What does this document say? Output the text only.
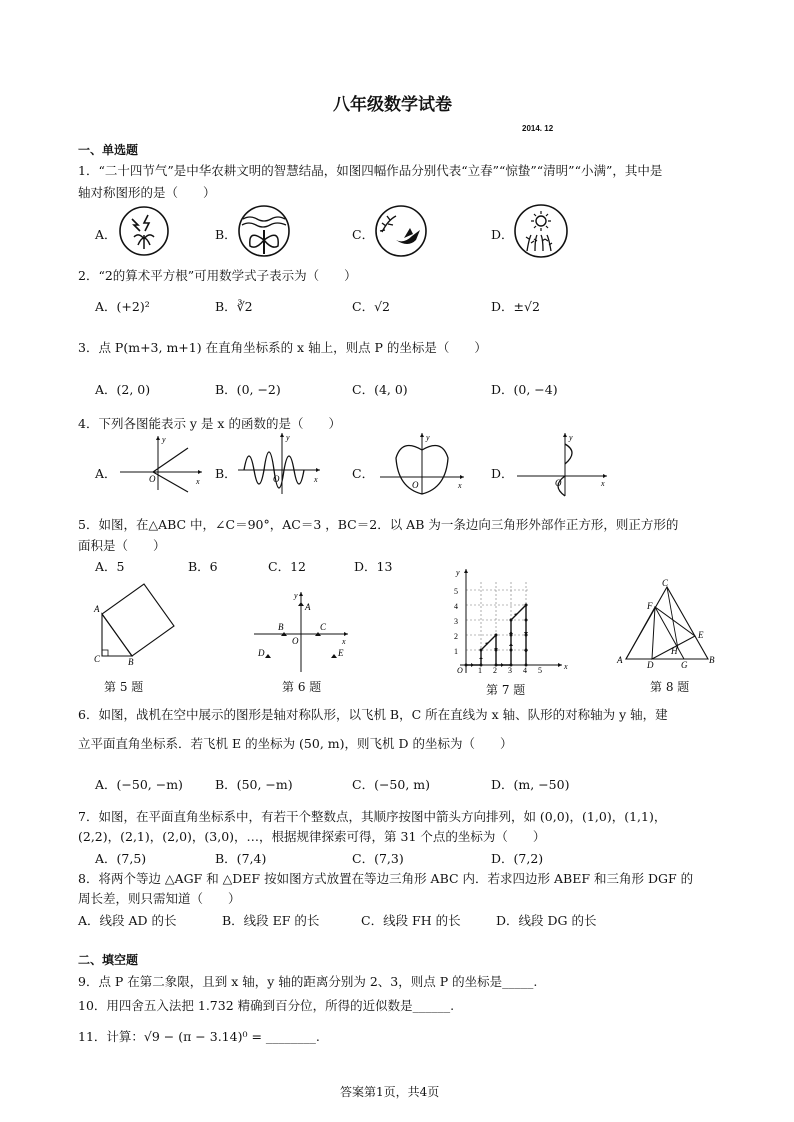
八年级数学试卷
2014. 12
一、单选题
1．“二十四节气”是中华农耕文明的智慧结晶，如图四幅作品分别代表“立春”“惊蛰”“清明”“小满”，其中是
轴对称图形的是（　　）
A．	B．	C．	D．
2．“2的算术平方根”可用数学式子表示为（　　）
A．(+2)²	B．∛2	C．√2	D．±√2
3．点 P(m+3, m+1) 在直角坐标系的 x 轴上，则点 P 的坐标是（　　）
A．(2, 0)	B．(0, −2)	C．(4, 0)	D．(0, −4)
4．下列各图能表示 y 是 x 的函数的是（　　）
A．	B．	C．	D．
O	x
y
O	x
y
O	x
y
O	x
y
5．如图，在△ABC 中，∠C＝90°，AC＝3 ，BC＝2．以 AB 为一条边向三角形外部作正方形，则正方形的
面积是（　　）
A．5	B．6	C．12	D．13
A
B
C
A
B	C
D	E
O	x
y
1
2
3
4
5
1 2 3 4 5
O	x
y
C
A	B
D
E
F
G
H
第 5 题	第 6 题	第 7 题	第 8 题
6．如图，战机在空中展示的图形是轴对称队形，以飞机 B，C 所在直线为 x 轴、队形的对称轴为 y 轴，建
立平面直角坐标系．若飞机 E 的坐标为 (50, m)，则飞机 D 的坐标为（　　）
A．(−50, −m)	B．(50, −m)	C．(−50, m)	D．(m, −50)
7．如图，在平面直角坐标系中，有若干个整数点，其顺序按图中箭头方向排列，如 (0,0)，(1,0)，(1,1)，
(2,2)，(2,1)，(2,0)，(3,0)，…，根据规律探索可得，第 31 个点的坐标为（　　）
A．(7,5)	B．(7,4)	C．(7,3)	D．(7,2)
8．将两个等边 △AGF 和 △DEF 按如图方式放置在等边三角形 ABC 内．若求四边形 ABEF 和三角形 DGF 的
周长差，则只需知道（　　）
A．线段 AD 的长	B．线段 EF 的长	C．线段 FH 的长	D．线段 DG 的长
二、填空题
9．点 P 在第二象限，且到 x 轴，y 轴的距离分别为 2、3，则点 P 的坐标是_____.
10．用四舍五入法把 1.732 精确到百分位，所得的近似数是______.
11．计算：√9 − (π − 3.14)⁰ = ________.
答案第1页，共4页
